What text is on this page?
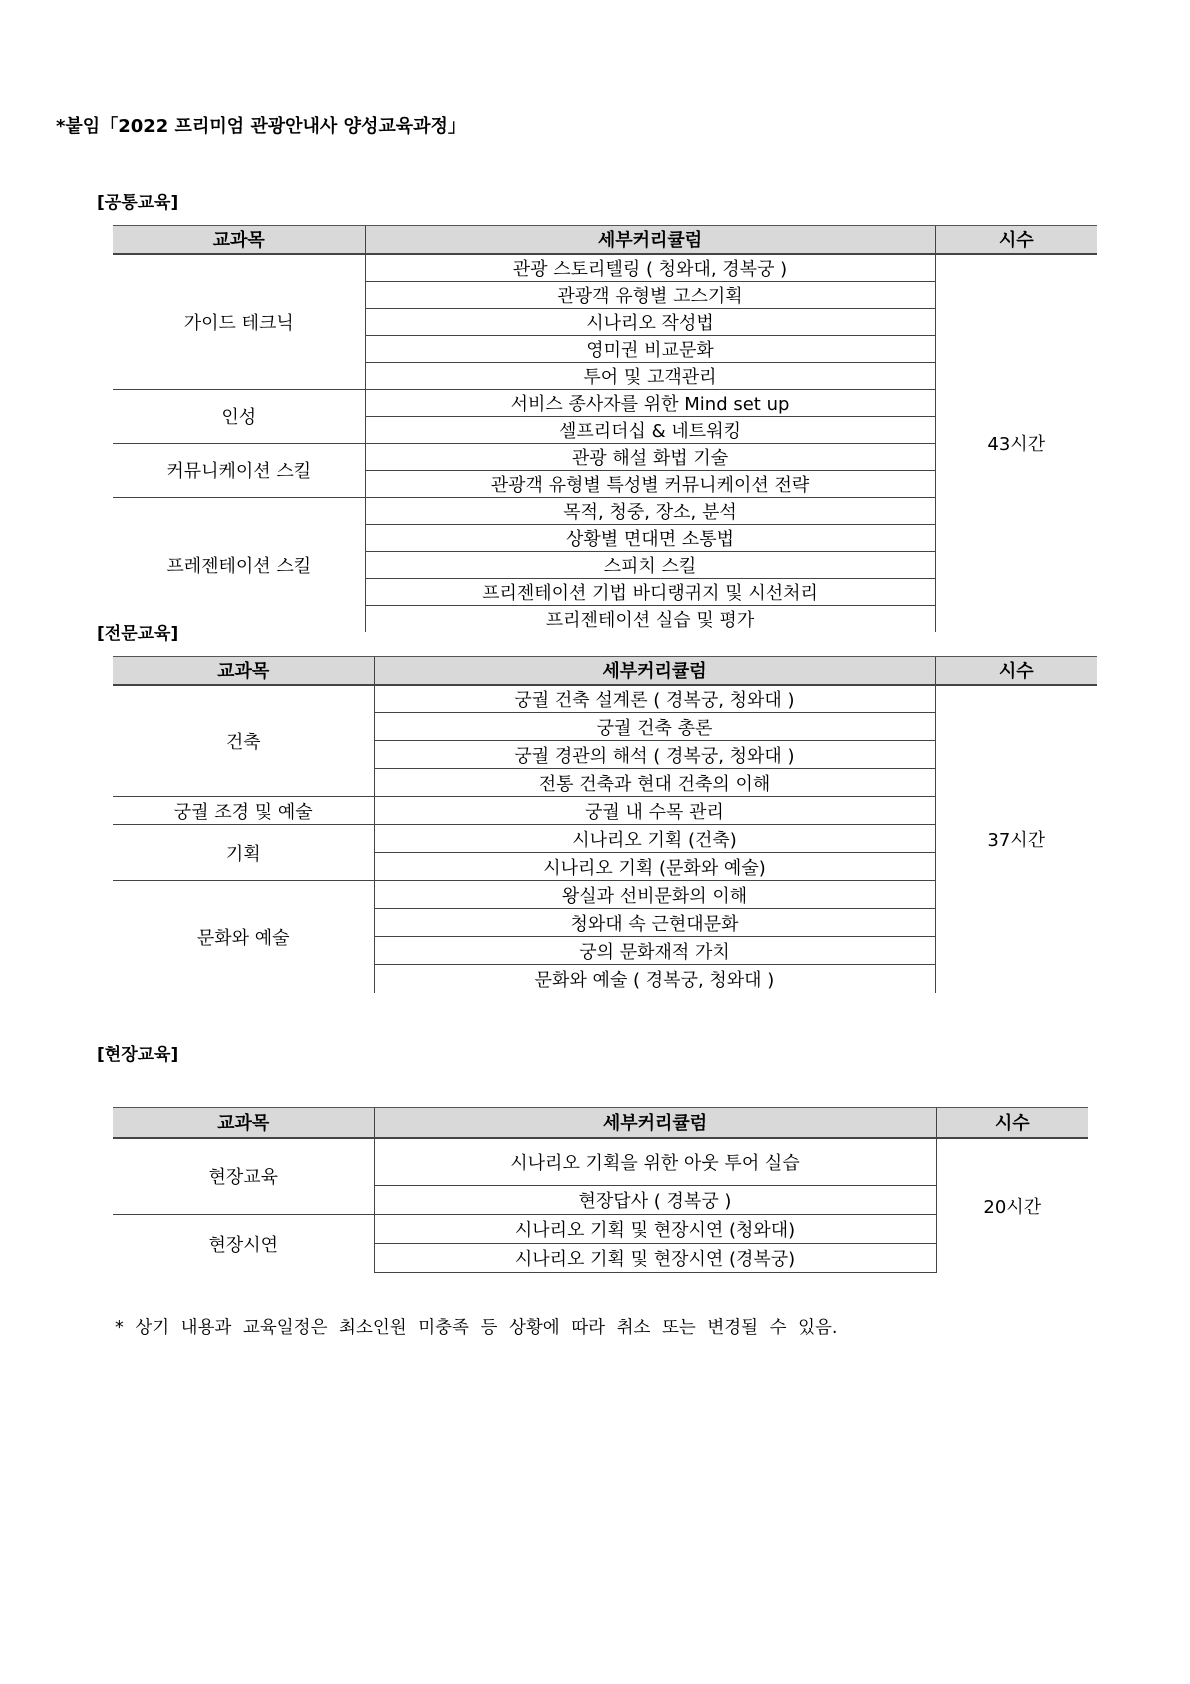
*붙임「2022 프리미엄 관광안내사 양성교육과정」
[공통교육]
교과목	세부커리큘럼	시수
가이드 테크닉	관광 스토리텔링 ( 청와대, 경복궁 )	43시간
	관광객 유형별 고스기획	
	시나리오 작성법	
	영미권 비교문화	
	투어 및 고객관리	
인성	서비스 종사자를 위한 Mind set up	
	셀프리더십 & 네트워킹	
커뮤니케이션 스킬	관광 해설 화법 기술	
	관광객 유형별 특성별 커뮤니케이션 전략	
프레젠테이션 스킬	목적, 청중, 장소, 분석	
	상황별 면대면 소통법	
	스피치 스킬	
	프리젠테이션 기법 바디랭귀지 및 시선처리	
	프리젠테이션 실습 및 평가	
[전문교육]
교과목	세부커리큘럼	시수
건축	궁궐 건축 설계론 ( 경복궁, 청와대 )	37시간
	궁궐 건축 총론	
	궁궐 경관의 해석 ( 경복궁, 청와대 )	
	전통 건축과 현대 건축의 이해	
궁궐 조경 및 예술	궁궐 내 수목 관리	
기획	시나리오 기획 (건축)	
	시나리오 기획 (문화와 예술)	
문화와 예술	왕실과 선비문화의 이해	
	청와대 속 근현대문화	
	궁의 문화재적 가치	
	문화와 예술 ( 경복궁, 청와대 )	
[현장교육]
교과목	세부커리큘럼	시수
현장교육	시나리오 기획을 위한 아웃 투어 실습	20시간
	현장답사 ( 경복궁 )	
현장시연	시나리오 기획 및 현장시연 (청와대)	
	시나리오 기획 및 현장시연 (경복궁)	
* 상기 내용과 교육일정은 최소인원 미충족 등 상황에 따라 취소 또는 변경될 수 있음.
